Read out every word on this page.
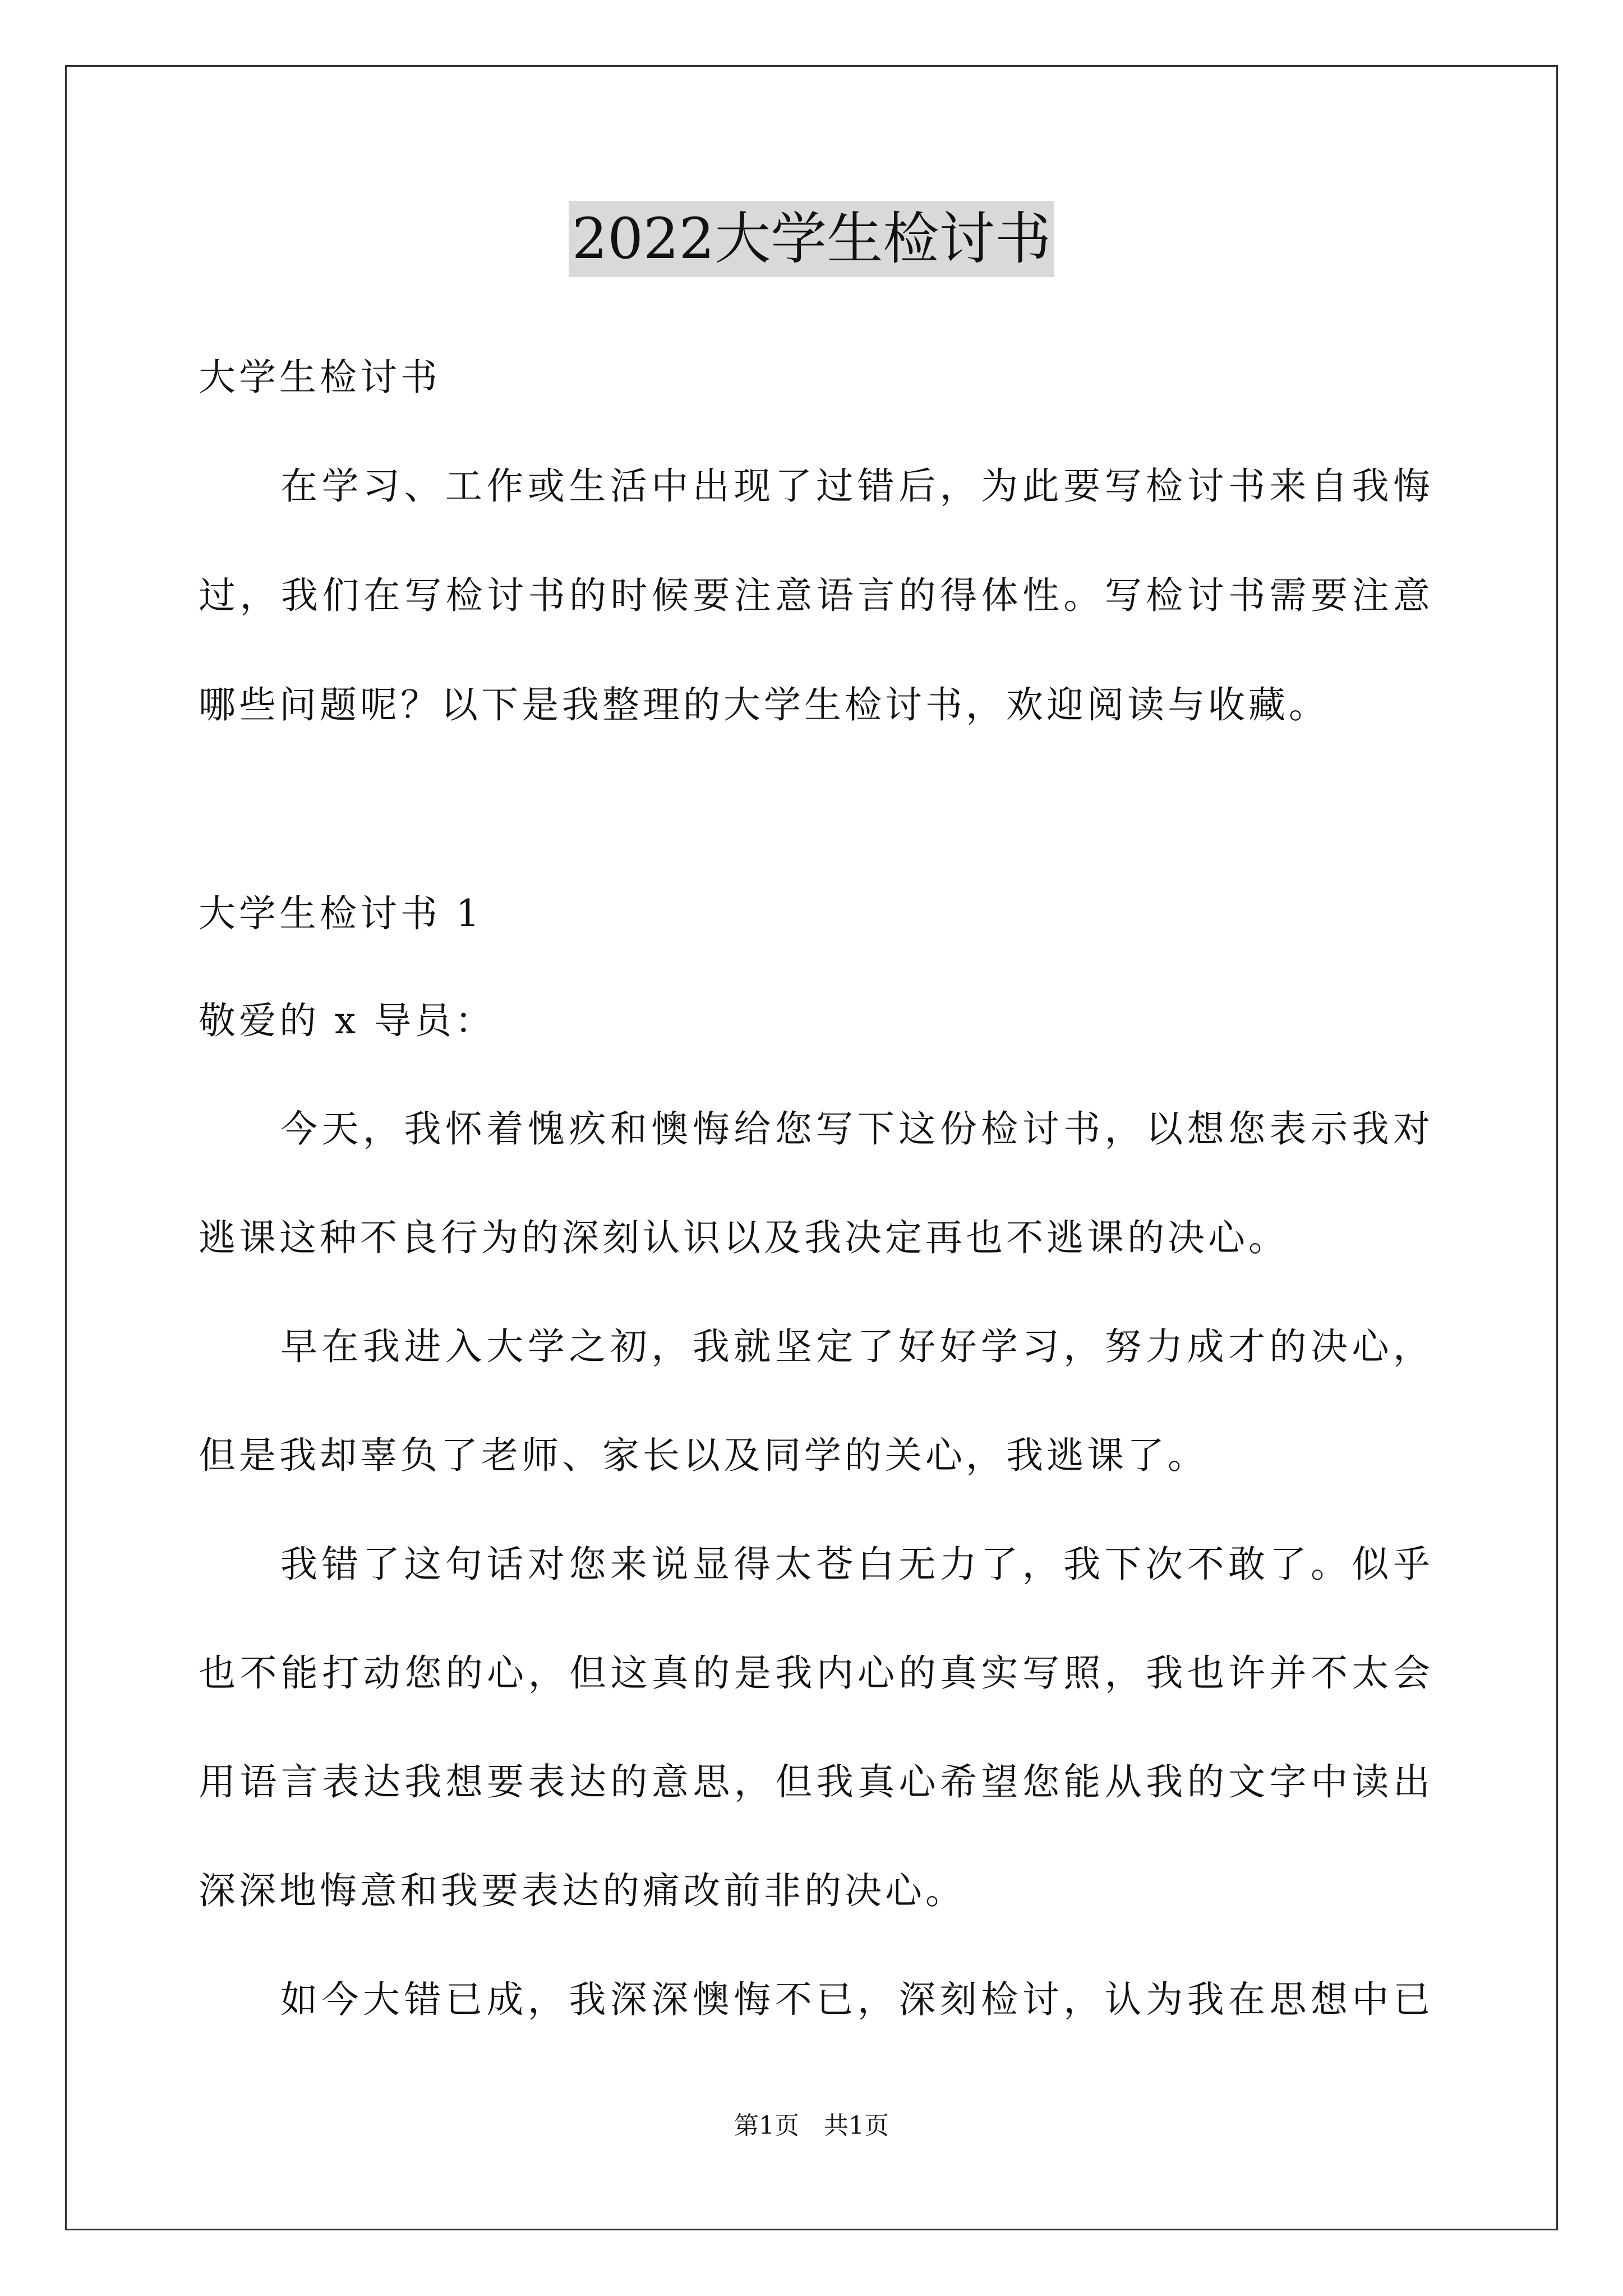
2022大学生检讨书
大学生检讨书
在学习、工作或生活中出现了过错后，为此要写检讨书来自我悔
过，我们在写检讨书的时候要注意语言的得体性。写检讨书需要注意
哪些问题呢？以下是我整理的大学生检讨书，欢迎阅读与收藏。
大学生检讨书 1
敬爱的 x 导员：
今天，我怀着愧疚和懊悔给您写下这份检讨书，以想您表示我对
逃课这种不良行为的深刻认识以及我决定再也不逃课的决心。
早在我进入大学之初，我就坚定了好好学习，努力成才的决心，
但是我却辜负了老师、家长以及同学的关心，我逃课了。
我错了这句话对您来说显得太苍白无力了，我下次不敢了。似乎
也不能打动您的心，但这真的是我内心的真实写照，我也许并不太会
用语言表达我想要表达的意思，但我真心希望您能从我的文字中读出
深深地悔意和我要表达的痛改前非的决心。
如今大错已成，我深深懊悔不已，深刻检讨，认为我在思想中已
第1页 共1页
